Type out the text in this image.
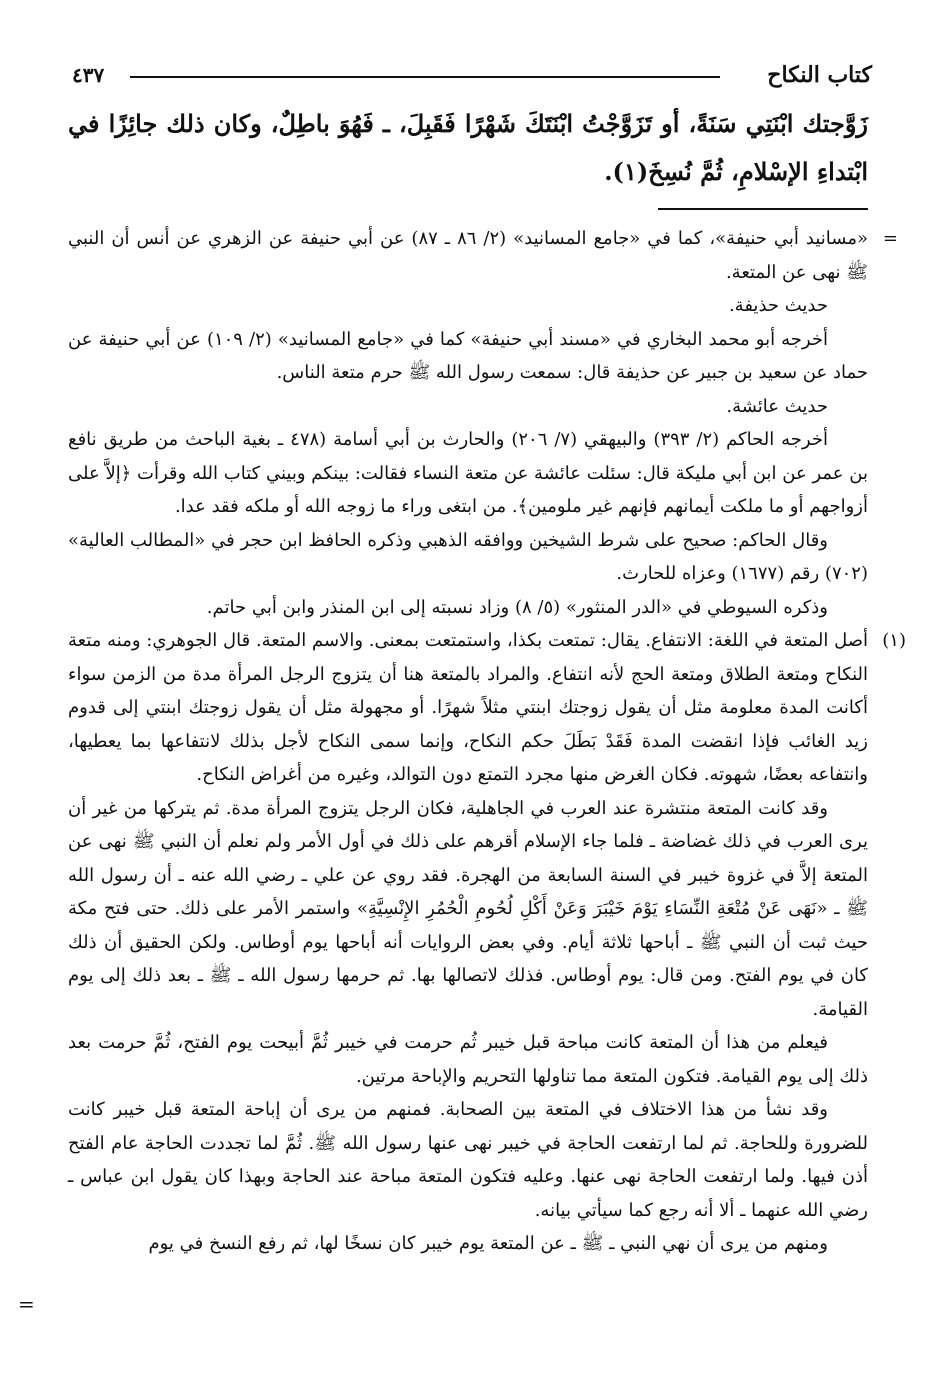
كتاب النكاح
٤٣٧

زَوَّجتك ابْنَتِي سَنَةً، أو تَزَوَّجْتُ ابْنَتَكَ شَهْرًا فَقَبِلَ، ـ فَهُوَ باطِلٌ، وكان ذلك جائِزًا في ابْتداءِ الإسْلامِ، ثُمَّ نُسِخَ(١).

= «مسانيد أبي حنيفة»، كما في «جامع المسانيد» (٢/ ٨٦ ـ ٨٧) عن أبي حنيفة عن الزهري عن أنس أن النبي ﷺ نهى عن المتعة.

حديث حذيفة.

أخرجه أبو محمد البخاري في «مسند أبي حنيفة» كما في «جامع المسانيد» (٢/ ١٠٩) عن أبي حنيفة عن حماد عن سعيد بن جبير عن حذيفة قال: سمعت رسول الله ﷺ حرم متعة الناس.

حديث عائشة.

أخرجه الحاكم (٢/ ٣٩٣) والبيهقي (٧/ ٢٠٦) والحارث بن أبي أسامة (٤٧٨ ـ بغية الباحث من طريق نافع بن عمر عن ابن أبي مليكة قال: سئلت عائشة عن متعة النساء فقالت: بينكم وبيني كتاب الله وقرأت ﴿إلاَّ على أزواجهم أو ما ملكت أيمانهم فإنهم غير ملومين﴾. من ابتغى وراء ما زوجه الله أو ملكه فقد عدا.

وقال الحاكم: صحيح على شرط الشيخين ووافقه الذهبي وذكره الحافظ ابن حجر في «المطالب العالية» (٧٠٢) رقم (١٦٧٧) وعزاه للحارث.

وذكره السيوطي في «الدر المنثور» (٥/ ٨) وزاد نسبته إلى ابن المنذر وابن أبي حاتم.

(١)
أصل المتعة في اللغة: الانتفاع. يقال: تمتعت بكذا، واستمتعت بمعنى. والاسم المتعة. قال الجوهري: ومنه متعة النكاح ومتعة الطلاق ومتعة الحج لأنه انتفاع. والمراد بالمتعة هنا أن يتزوج الرجل المرأة مدة من الزمن سواء أكانت المدة معلومة مثل أن يقول زوجتك ابنتي مثلاً شهرًا. أو مجهولة مثل أن يقول زوجتك ابنتي إلى قدوم زيد الغائب فإذا انقضت المدة فَقَدْ بَطَلَ حكم النكاح، وإنما سمى النكاح لأجل بذلك لانتفاعها بما يعطيها، وانتفاعه بعضًا، شهوته. فكان الغرض منها مجرد التمتع دون التوالد، وغيره من أغراض النكاح.

وقد كانت المتعة منتشرة عند العرب في الجاهلية، فكان الرجل يتزوج المرأة مدة. ثم يتركها من غير أن يرى العرب في ذلك غضاضة ـ فلما جاء الإسلام أقرهم على ذلك في أول الأمر ولم نعلم أن النبي ﷺ نهى عن المتعة إلاَّ في غزوة خيبر في السنة السابعة من الهجرة. فقد روي عن علي ـ رضي الله عنه ـ أن رسول الله ﷺ ـ «نَهَى عَنْ مُتْعَةِ النِّسَاءِ يَوْمَ خَيْبَرَ وَعَنْ أَكْلِ لُحُومِ الْحُمُرِ الإِنْسِيَّةِ» واستمر الأمر على ذلك. حتى فتح مكة حيث ثبت أن النبي ﷺ ـ أباحها ثلاثة أيام. وفي بعض الروايات أنه أباحها يوم أوطاس. ولكن الحقيق أن ذلك كان في يوم الفتح. ومن قال: يوم أوطاس. فذلك لاتصالها بها. ثم حرمها رسول الله ـ ﷺ ـ بعد ذلك إلى يوم القيامة.

فيعلم من هذا أن المتعة كانت مباحة قبل خيبر ثُم حرمت في خيبر ثُمَّ أبيحت يوم الفتح، ثُمَّ حرمت بعد ذلك إلى يوم القيامة. فتكون المتعة مما تناولها التحريم والإباحة مرتين.

وقد نشأ من هذا الاختلاف في المتعة بين الصحابة. فمنهم من يرى أن إباحة المتعة قبل خيبر كانت للضرورة وللحاجة. ثم لما ارتفعت الحاجة في خيبر نهى عنها رسول الله ﷺ. ثُمَّ لما تجددت الحاجة عام الفتح أذن فيها. ولما ارتفعت الحاجة نهى عنها. وعليه فتكون المتعة مباحة عند الحاجة وبهذا كان يقول ابن عباس ـ رضي الله عنهما ـ ألا أنه رجع كما سيأتي بيانه.

ومنهم من يرى أن نهي النبي ـ ﷺ ـ عن المتعة يوم خيبر كان نسخًا لها، ثم رفع النسخ في يوم

=
